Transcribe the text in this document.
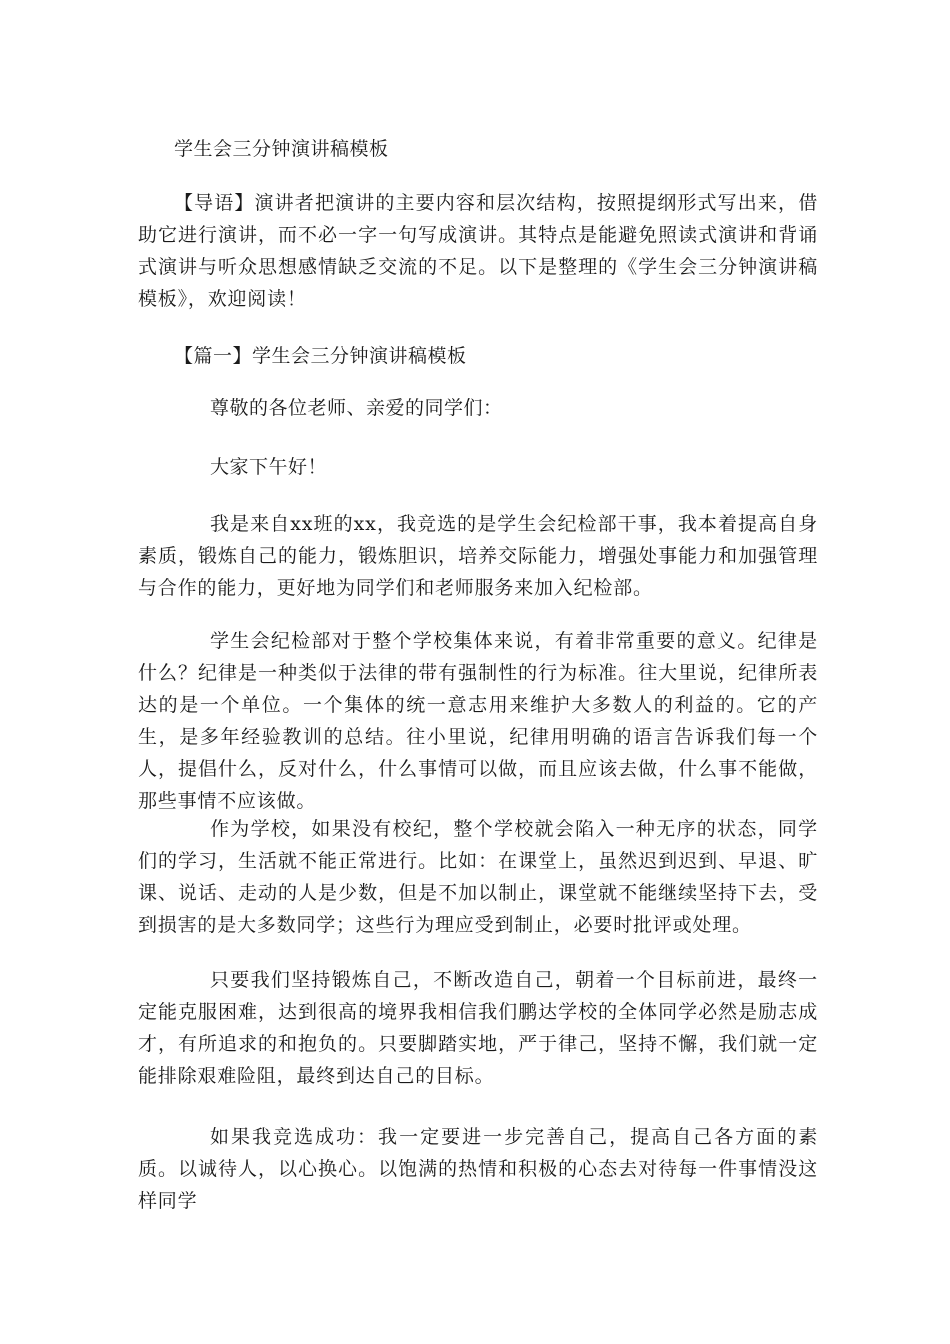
学生会三分钟演讲稿模板

【导语】演讲者把演讲的主要内容和层次结构，按照提纲形式写出来，借助它进行演讲，而不必一字一句写成演讲。其特点是能避免照读式演讲和背诵式演讲与听众思想感情缺乏交流的不足。以下是整理的《学生会三分钟演讲稿模板》，欢迎阅读！

【篇一】学生会三分钟演讲稿模板
尊敬的各位老师、亲爱的同学们：
大家下午好！

我是来自xx班的xx，我竞选的是学生会纪检部干事，我本着提高自身素质，锻炼自己的能力，锻炼胆识，培养交际能力，增强处事能力和加强管理与合作的能力，更好地为同学们和老师服务来加入纪检部。

学生会纪检部对于整个学校集体来说，有着非常重要的意义。纪律是什么？纪律是一种类似于法律的带有强制性的行为标准。往大里说，纪律所表达的是一个单位。一个集体的统一意志用来维护大多数人的利益的。它的产生，是多年经验教训的总结。往小里说，纪律用明确的语言告诉我们每一个人，提倡什么，反对什么，什么事情可以做，而且应该去做，什么事不能做，那些事情不应该做。

作为学校，如果没有校纪，整个学校就会陷入一种无序的状态，同学们的学习，生活就不能正常进行。比如：在课堂上，虽然迟到迟到、早退、旷课、说话、走动的人是少数，但是不加以制止，课堂就不能继续坚持下去，受到损害的是大多数同学；这些行为理应受到制止，必要时批评或处理。

只要我们坚持锻炼自己，不断改造自己，朝着一个目标前进，最终一定能克服困难，达到很高的境界我相信我们鹏达学校的全体同学必然是励志成才，有所追求的和抱负的。只要脚踏实地，严于律己，坚持不懈，我们就一定能排除艰难险阻，最终到达自己的目标。

如果我竞选成功：我一定要进一步完善自己，提高自己各方面的素质。以诚待人，以心换心。以饱满的热情和积极的心态去对待每一件事情没这样同学
